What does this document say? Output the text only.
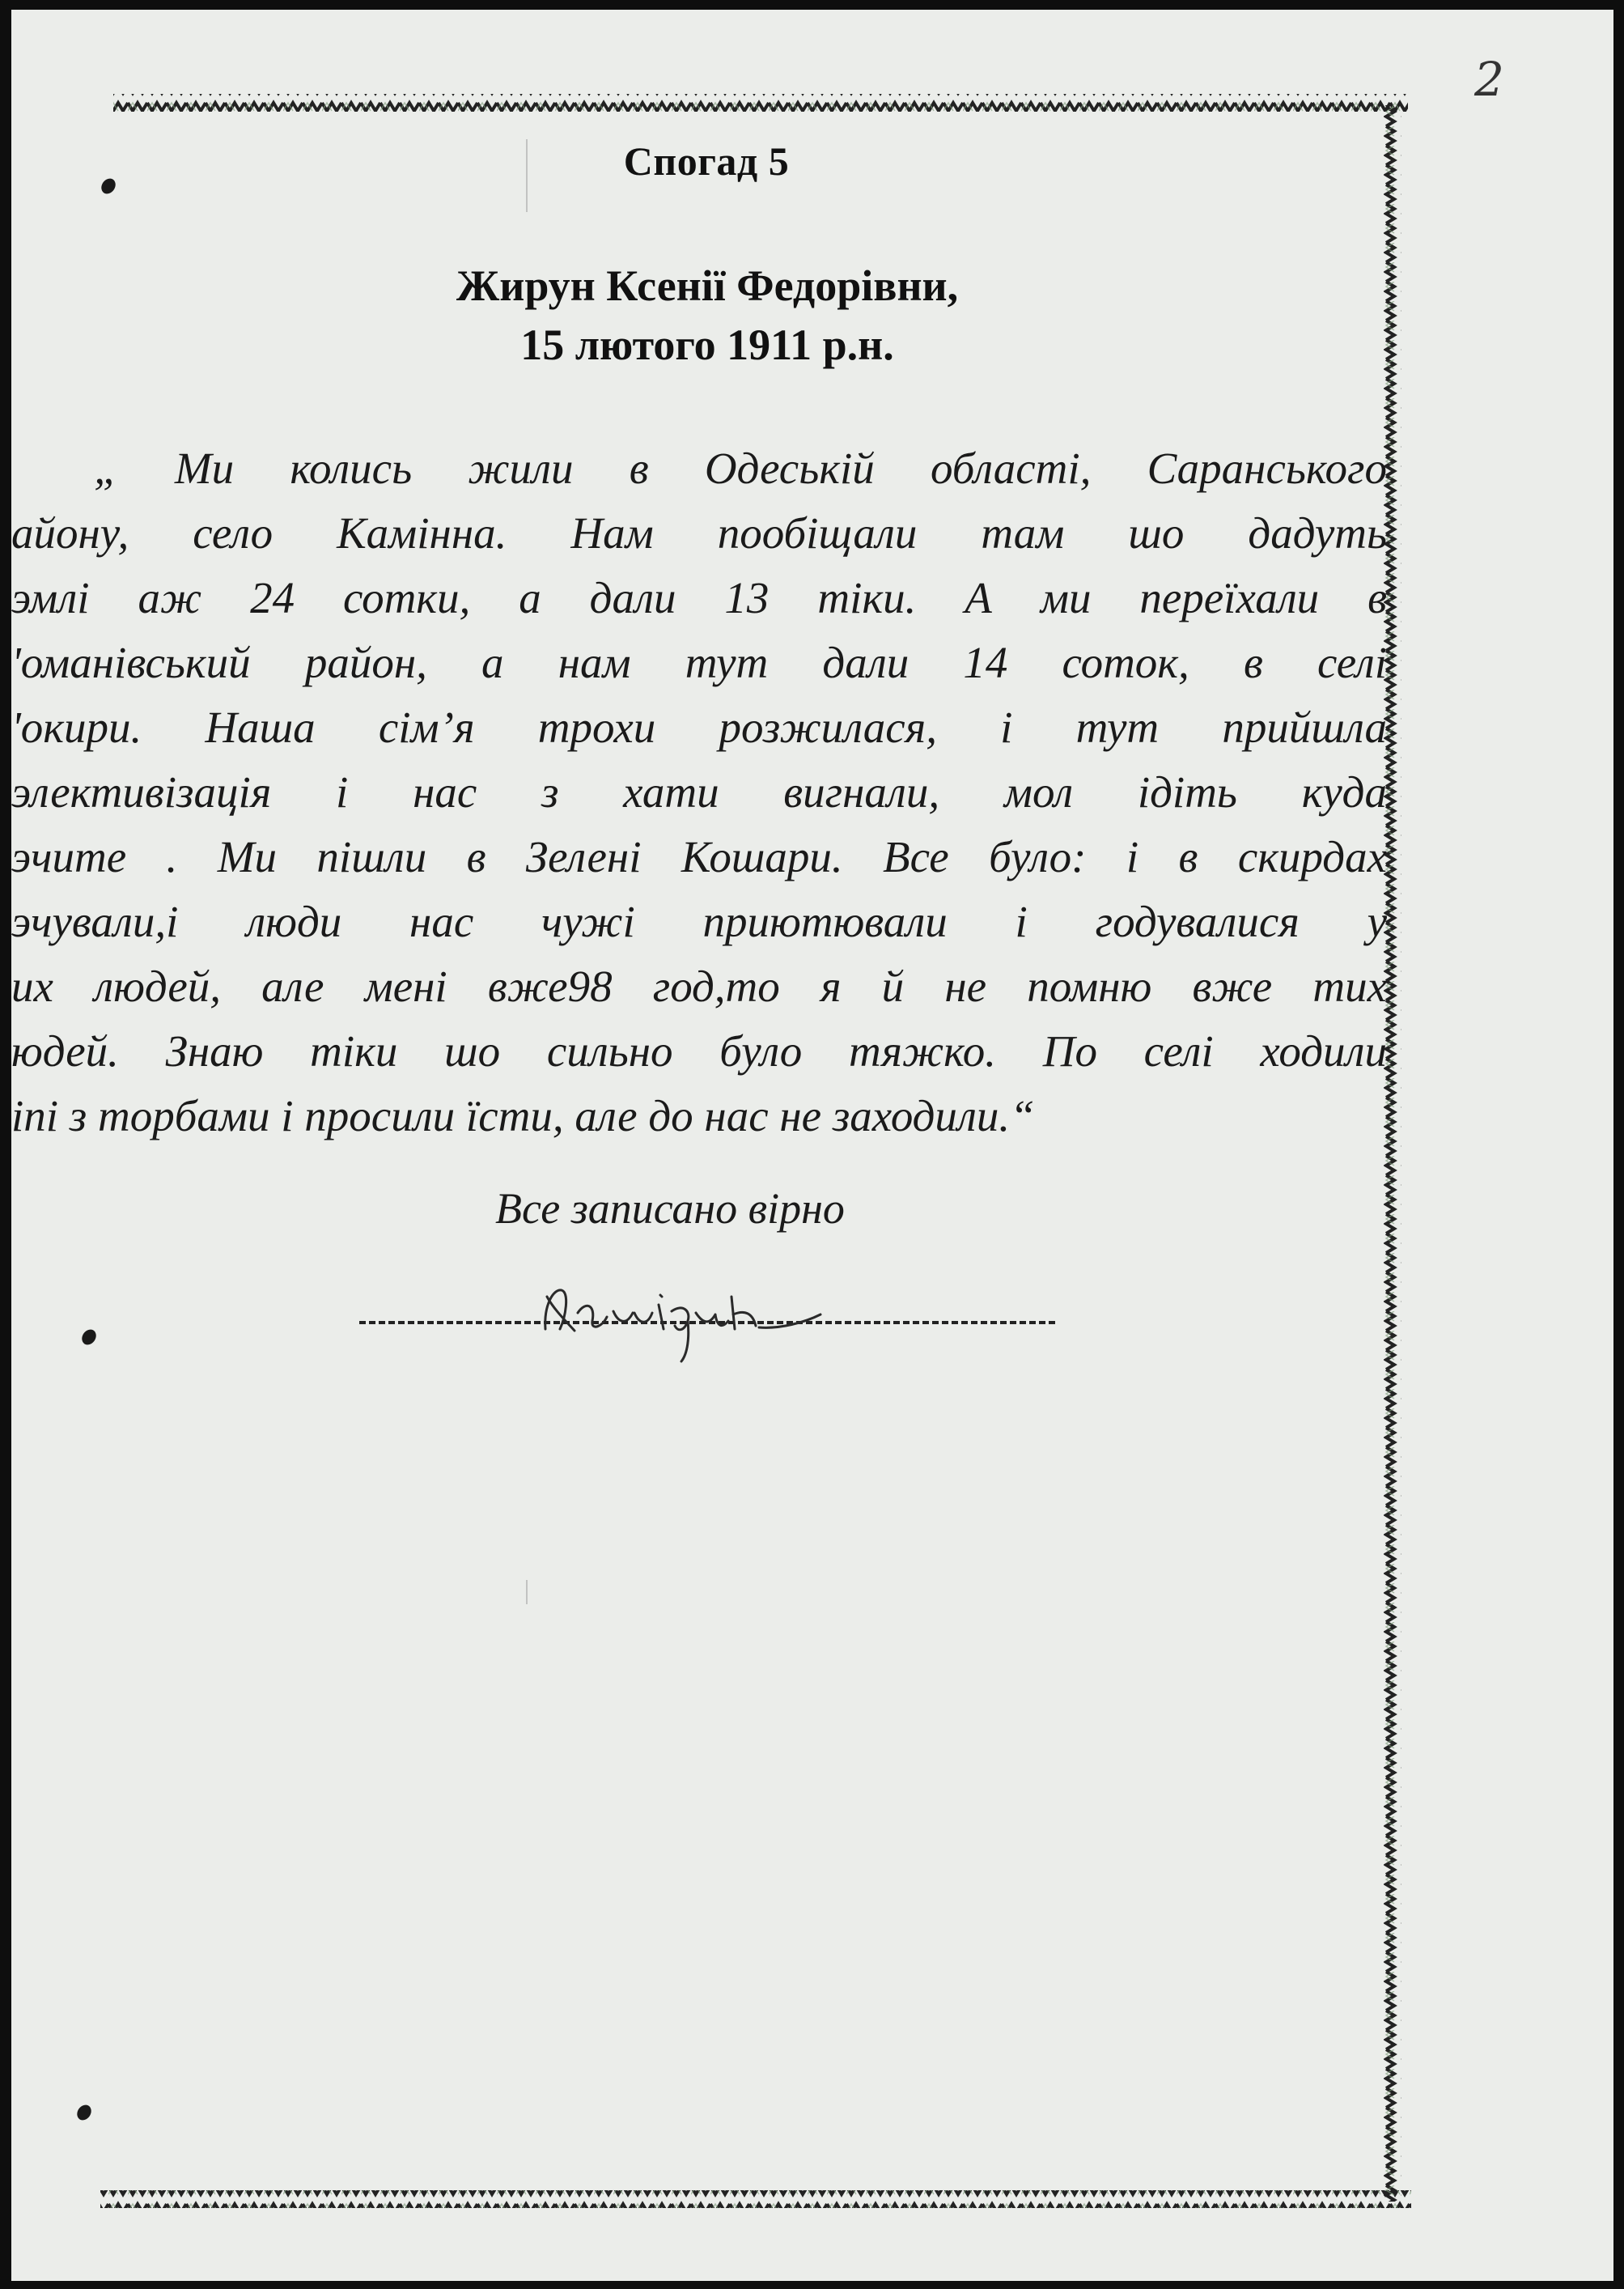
2
Спогад 5
Жирун Ксенії Федорівни,
15 лютого 1911 р.н.
„ Ми колись жили в Одеській області, Саранського
айону, село Камінна. Нам пообіщали там шо дадуть
эмлі аж 24 сотки, а дали 13 тіки. А ми переїхали в
'оманівський район, а нам тут дали 14 соток, в селі
'окири. Наша сім’я трохи розжилася, і тут прийшла
элективізація і нас з хати вигнали, мол ідіть куда
эчите . Ми пішли в Зелені Кошари. Все було: і в скирдах
эчували,і люди нас чужі приютювали і годувалися у
их людей, але мені вже98 год,то я й не помню вже тих
юдей. Знаю тіки шо сильно було тяжко. По селі ходили
іпі з торбами і просили їсти, але до нас не заходили.“
Все записано вірно
